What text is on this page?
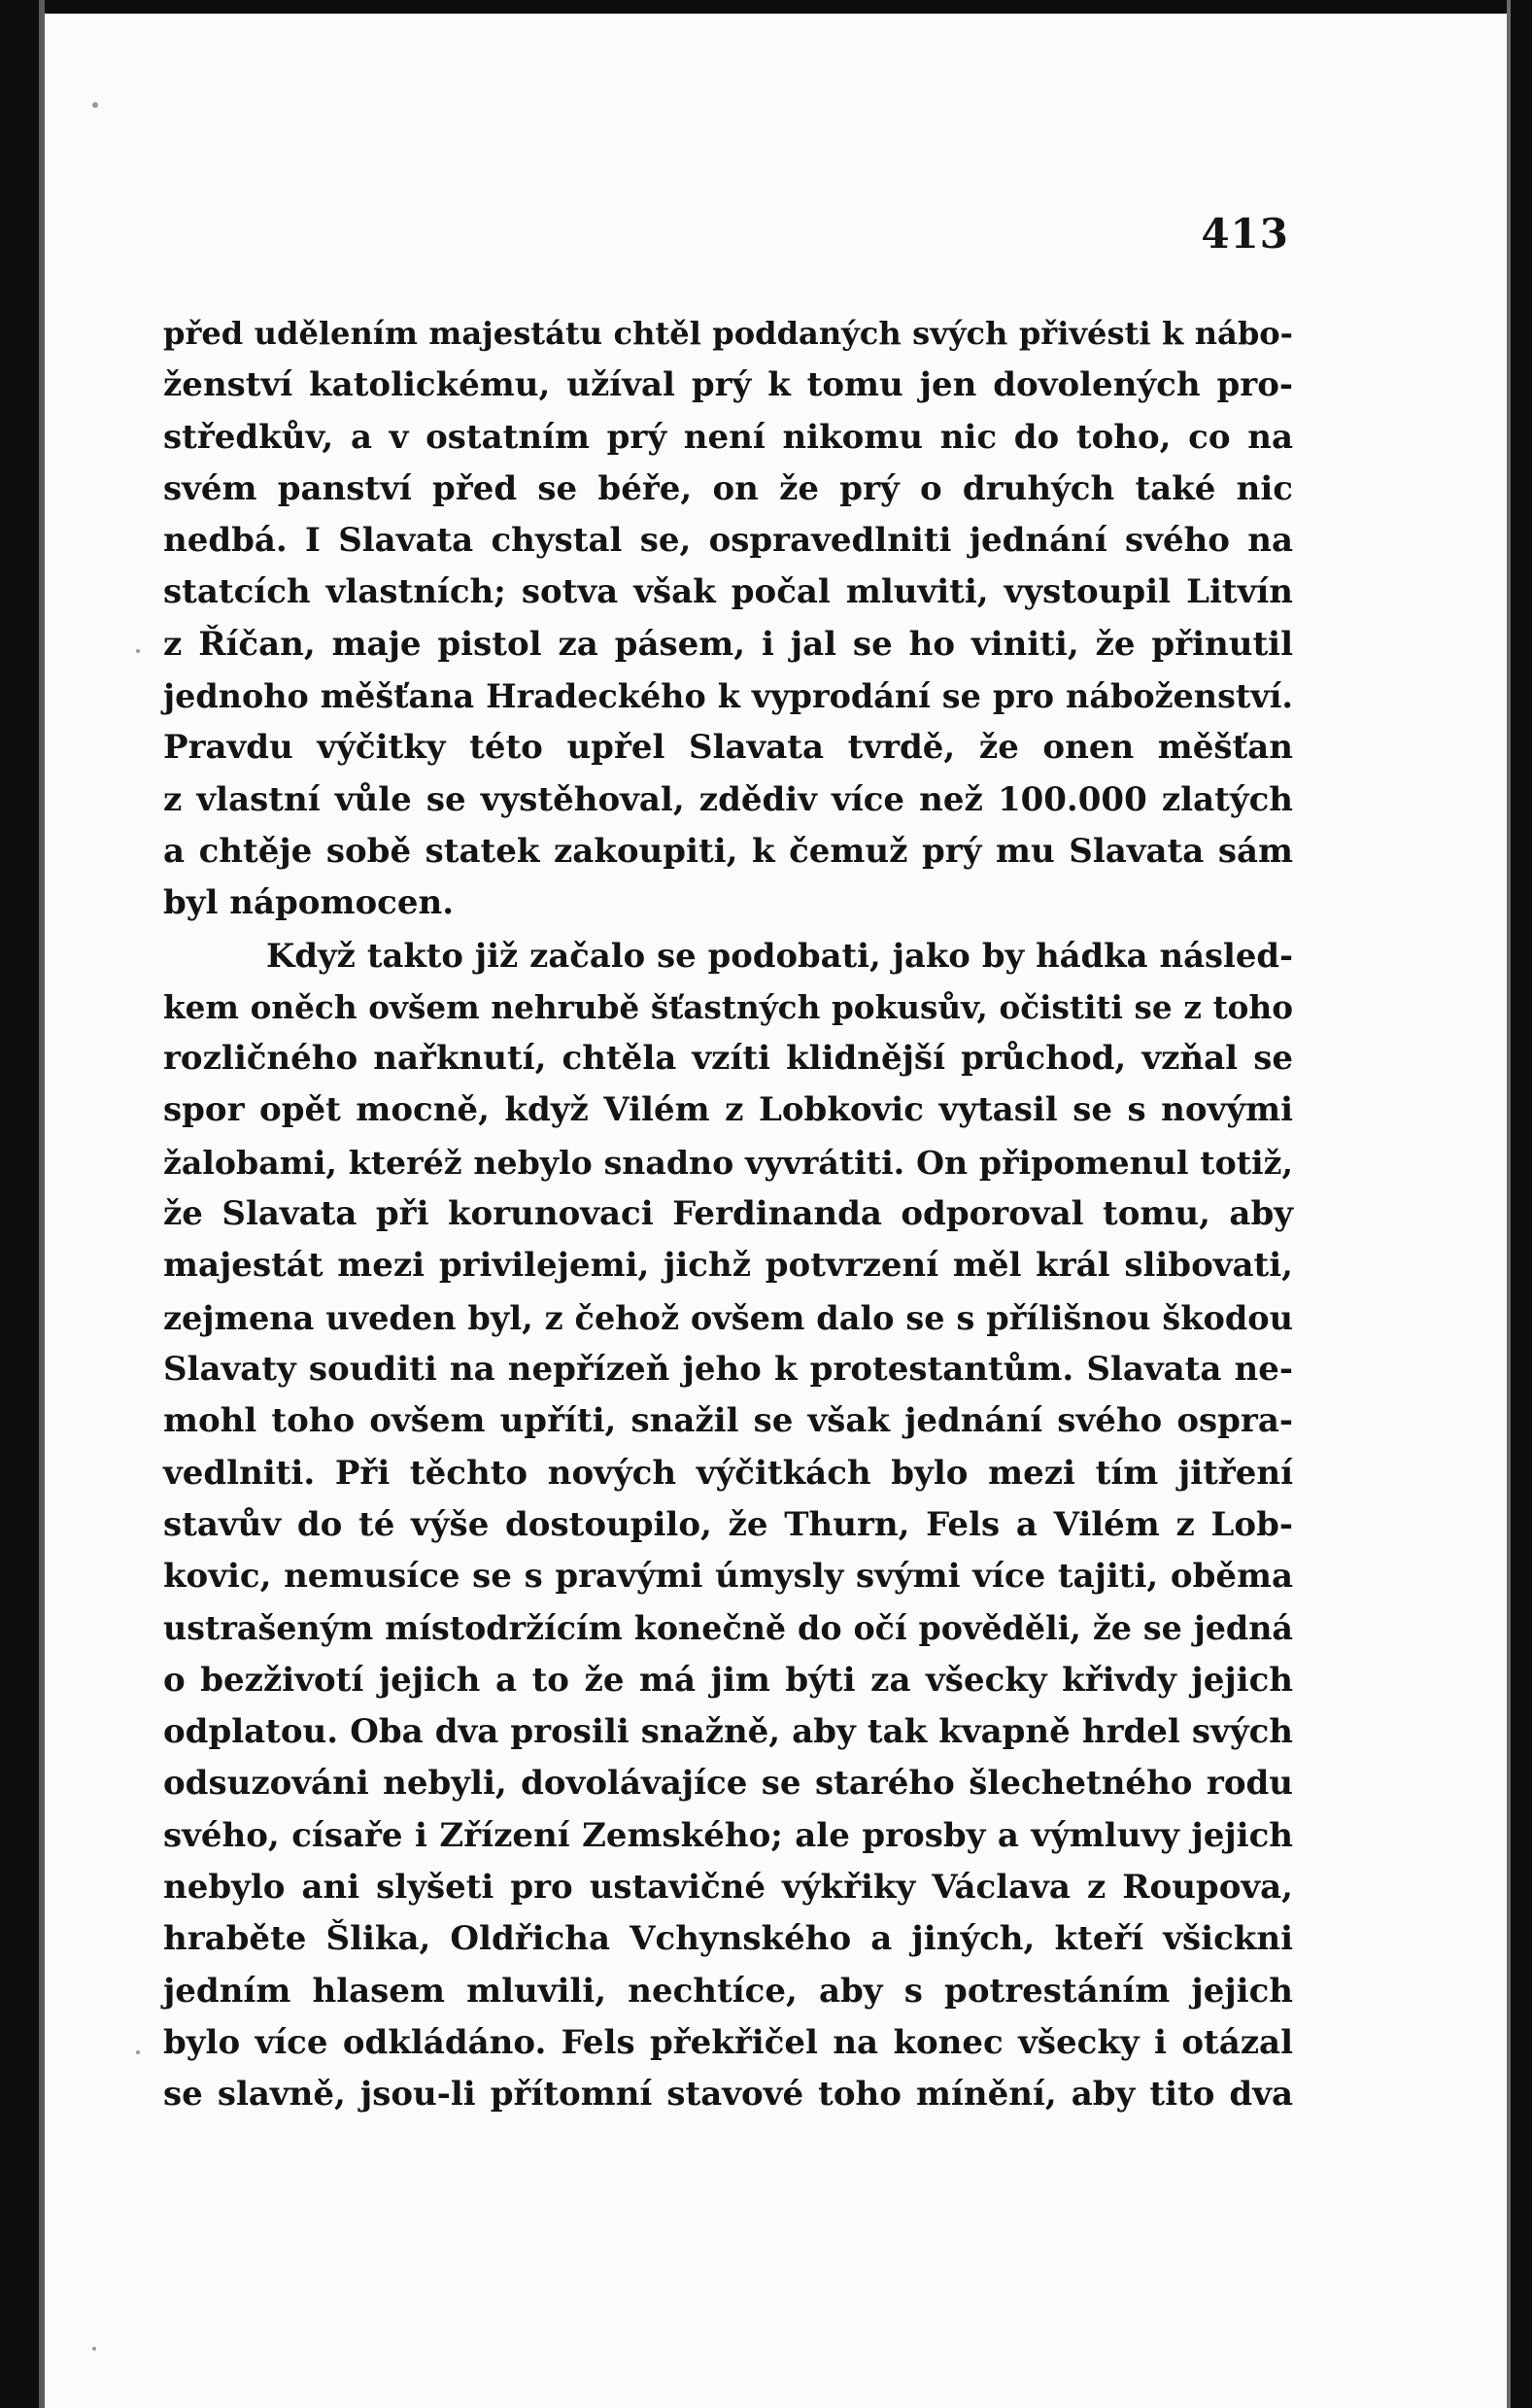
413
před udělením majestátu chtěl poddaných svých přivésti k nábo-
ženství katolickému, užíval prý k tomu jen dovolených pro-
středkův, a v ostatním prý není nikomu nic do toho, co na
svém panství před se béře, on že prý o druhých také nic
nedbá. I Slavata chystal se, ospravedlniti jednání svého na
statcích vlastních; sotva však počal mluviti, vystoupil Litvín
z Říčan, maje pistol za pásem, i jal se ho viniti, že přinutil
jednoho měšťana Hradeckého k vyprodání se pro náboženství.
Pravdu výčitky této upřel Slavata tvrdě, že onen měšťan
z vlastní vůle se vystěhoval, zdědiv více než 100.000 zlatých
a chtěje sobě statek zakoupiti, k čemuž prý mu Slavata sám
byl nápomocen.
Když takto již začalo se podobati, jako by hádka násled-
kem oněch ovšem nehrubě šťastných pokusův, očistiti se z toho
rozličného nařknutí, chtěla vzíti klidnější průchod, vzňal se
spor opět mocně, když Vilém z Lobkovic vytasil se s novými
žalobami, kteréž nebylo snadno vyvrátiti. On připomenul totiž,
že Slavata při korunovaci Ferdinanda odporoval tomu, aby
majestát mezi privilejemi, jichž potvrzení měl král slibovati,
zejmena uveden byl, z čehož ovšem dalo se s přílišnou škodou
Slavaty souditi na nepřízeň jeho k protestantům. Slavata ne-
mohl toho ovšem upříti, snažil se však jednání svého ospra-
vedlniti. Při těchto nových výčitkách bylo mezi tím jitření
stavův do té výše dostoupilo, že Thurn, Fels a Vilém z Lob-
kovic, nemusíce se s pravými úmysly svými více tajiti, oběma
ustrašeným místodržícím konečně do očí pověděli, že se jedná
o bezživotí jejich a to že má jim býti za všecky křivdy jejich
odplatou. Oba dva prosili snažně, aby tak kvapně hrdel svých
odsuzováni nebyli, dovolávajíce se starého šlechetného rodu
svého, císaře i Zřízení Zemského; ale prosby a výmluvy jejich
nebylo ani slyšeti pro ustavičné výkřiky Václava z Roupova,
hraběte Šlika, Oldřicha Vchynského a jiných, kteří všickni
jedním hlasem mluvili, nechtíce, aby s potrestáním jejich
bylo více odkládáno. Fels překřičel na konec všecky i otázal
se slavně, jsou-li přítomní stavové toho mínění, aby tito dva
